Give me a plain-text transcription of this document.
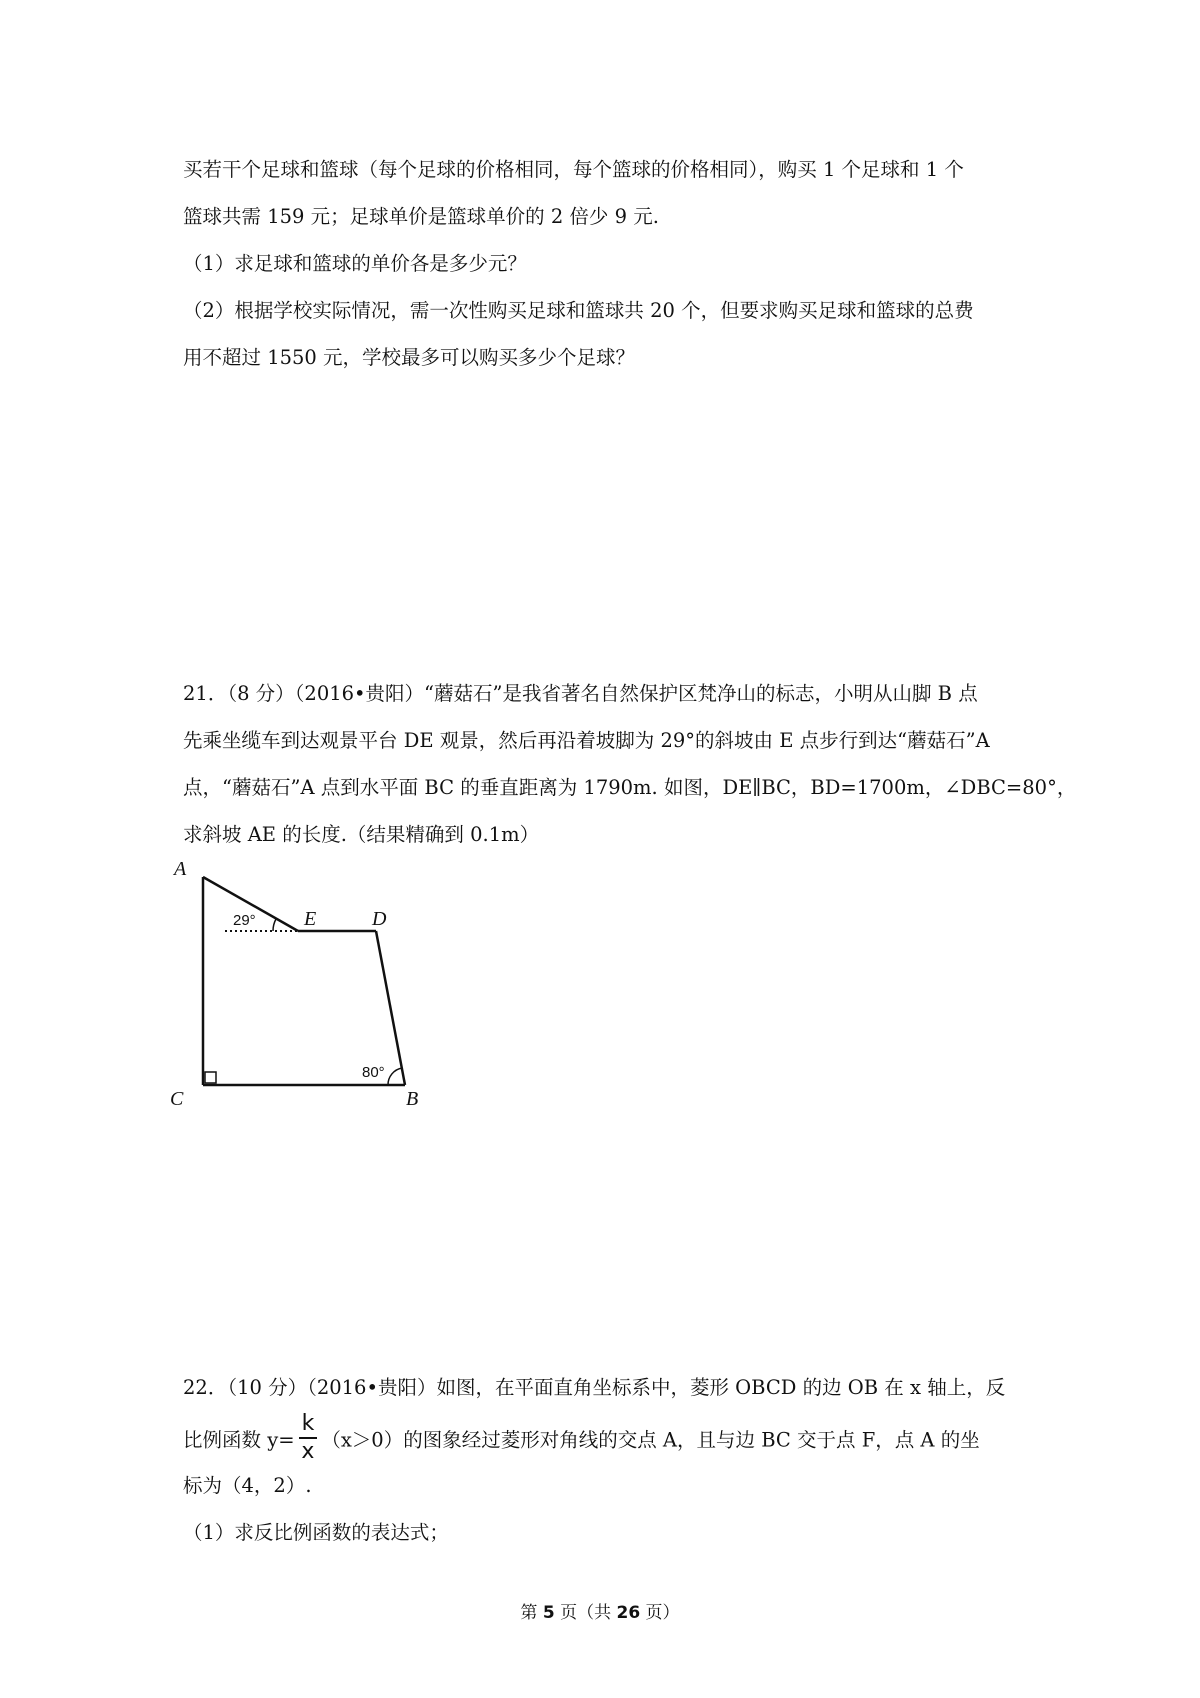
买若干个足球和篮球（每个足球的价格相同，每个篮球的价格相同），购买 1 个足球和 1 个
篮球共需 159 元；足球单价是篮球单价的 2 倍少 9 元.
（1）求足球和篮球的单价各是多少元？
（2）根据学校实际情况，需一次性购买足球和篮球共 20 个，但要求购买足球和篮球的总费
用不超过 1550 元，学校最多可以购买多少个足球？
21．（8 分）（2016•贵阳）“蘑菇石”是我省著名自然保护区梵净山的标志，小明从山脚 B 点
先乘坐缆车到达观景平台 DE 观景，然后再沿着坡脚为 29°的斜坡由 E 点步行到达“蘑菇石”A
点，“蘑菇石”A 点到水平面 BC 的垂直距离为 1790m. 如图，DE∥BC，BD=1700m，∠DBC=80°，
求斜坡 AE 的长度.（结果精确到 0.1m）
A
E	D
C	B
29°
80°
22．（10 分）（2016•贵阳）如图，在平面直角坐标系中，菱形 OBCD 的边 OB 在 x 轴上，反
比例函数 $y= \frac{k}{x} (x>0)$的图象经过菱形对角线的交点 A，且与边 BC 交于点 F，点 A 的坐
标为（4，2）.
（1）求反比例函数的表达式；
第 5 页（共 26 页）
